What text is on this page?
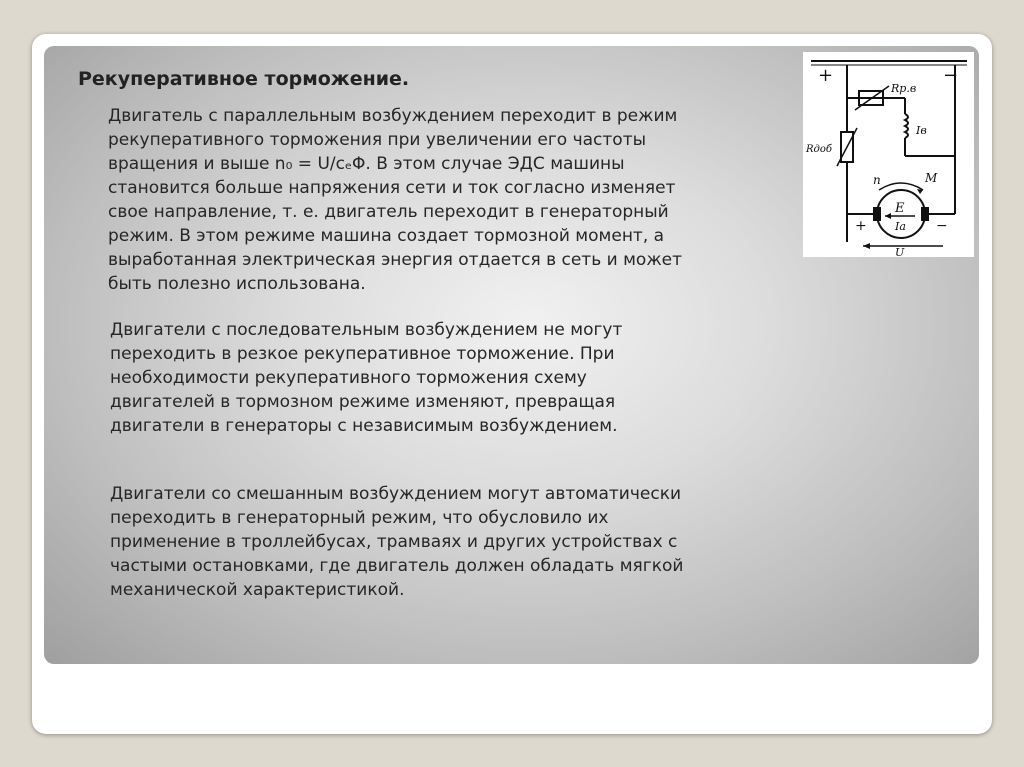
Рекуперативное торможение.

Двигатель с параллельным возбуждением переходит в режим
рекуперативного торможения при увеличении его частоты
вращения и выше n₀ = U/cₑΦ. В этом случае ЭДС машины
становится больше напряжения сети и ток согласно изменяет
свое направление, т. е. двигатель переходит в генераторный
режим. В этом режиме машина создает тормозной момент, а
выработанная электрическая энергия отдается в сеть и может
быть полезно использована.

Двигатели с последовательным возбуждением не могут
переходить в резкое рекуперативное торможение. При
необходимости рекуперативного торможения схему
двигателей в тормозном режиме изменяют, превращая
двигатели в генераторы с независимым возбуждением.

Двигатели со смешанным возбуждением могут автоматически
переходить в генераторный режим, что обусловило их
применение в троллейбусах, трамваях и других устройствах с
частыми остановками, где двигатель должен обладать мягкой
механической характеристикой.

+	−
Rр.в
Iв
Rдоб
n	M
E
Iа
+	−
U
